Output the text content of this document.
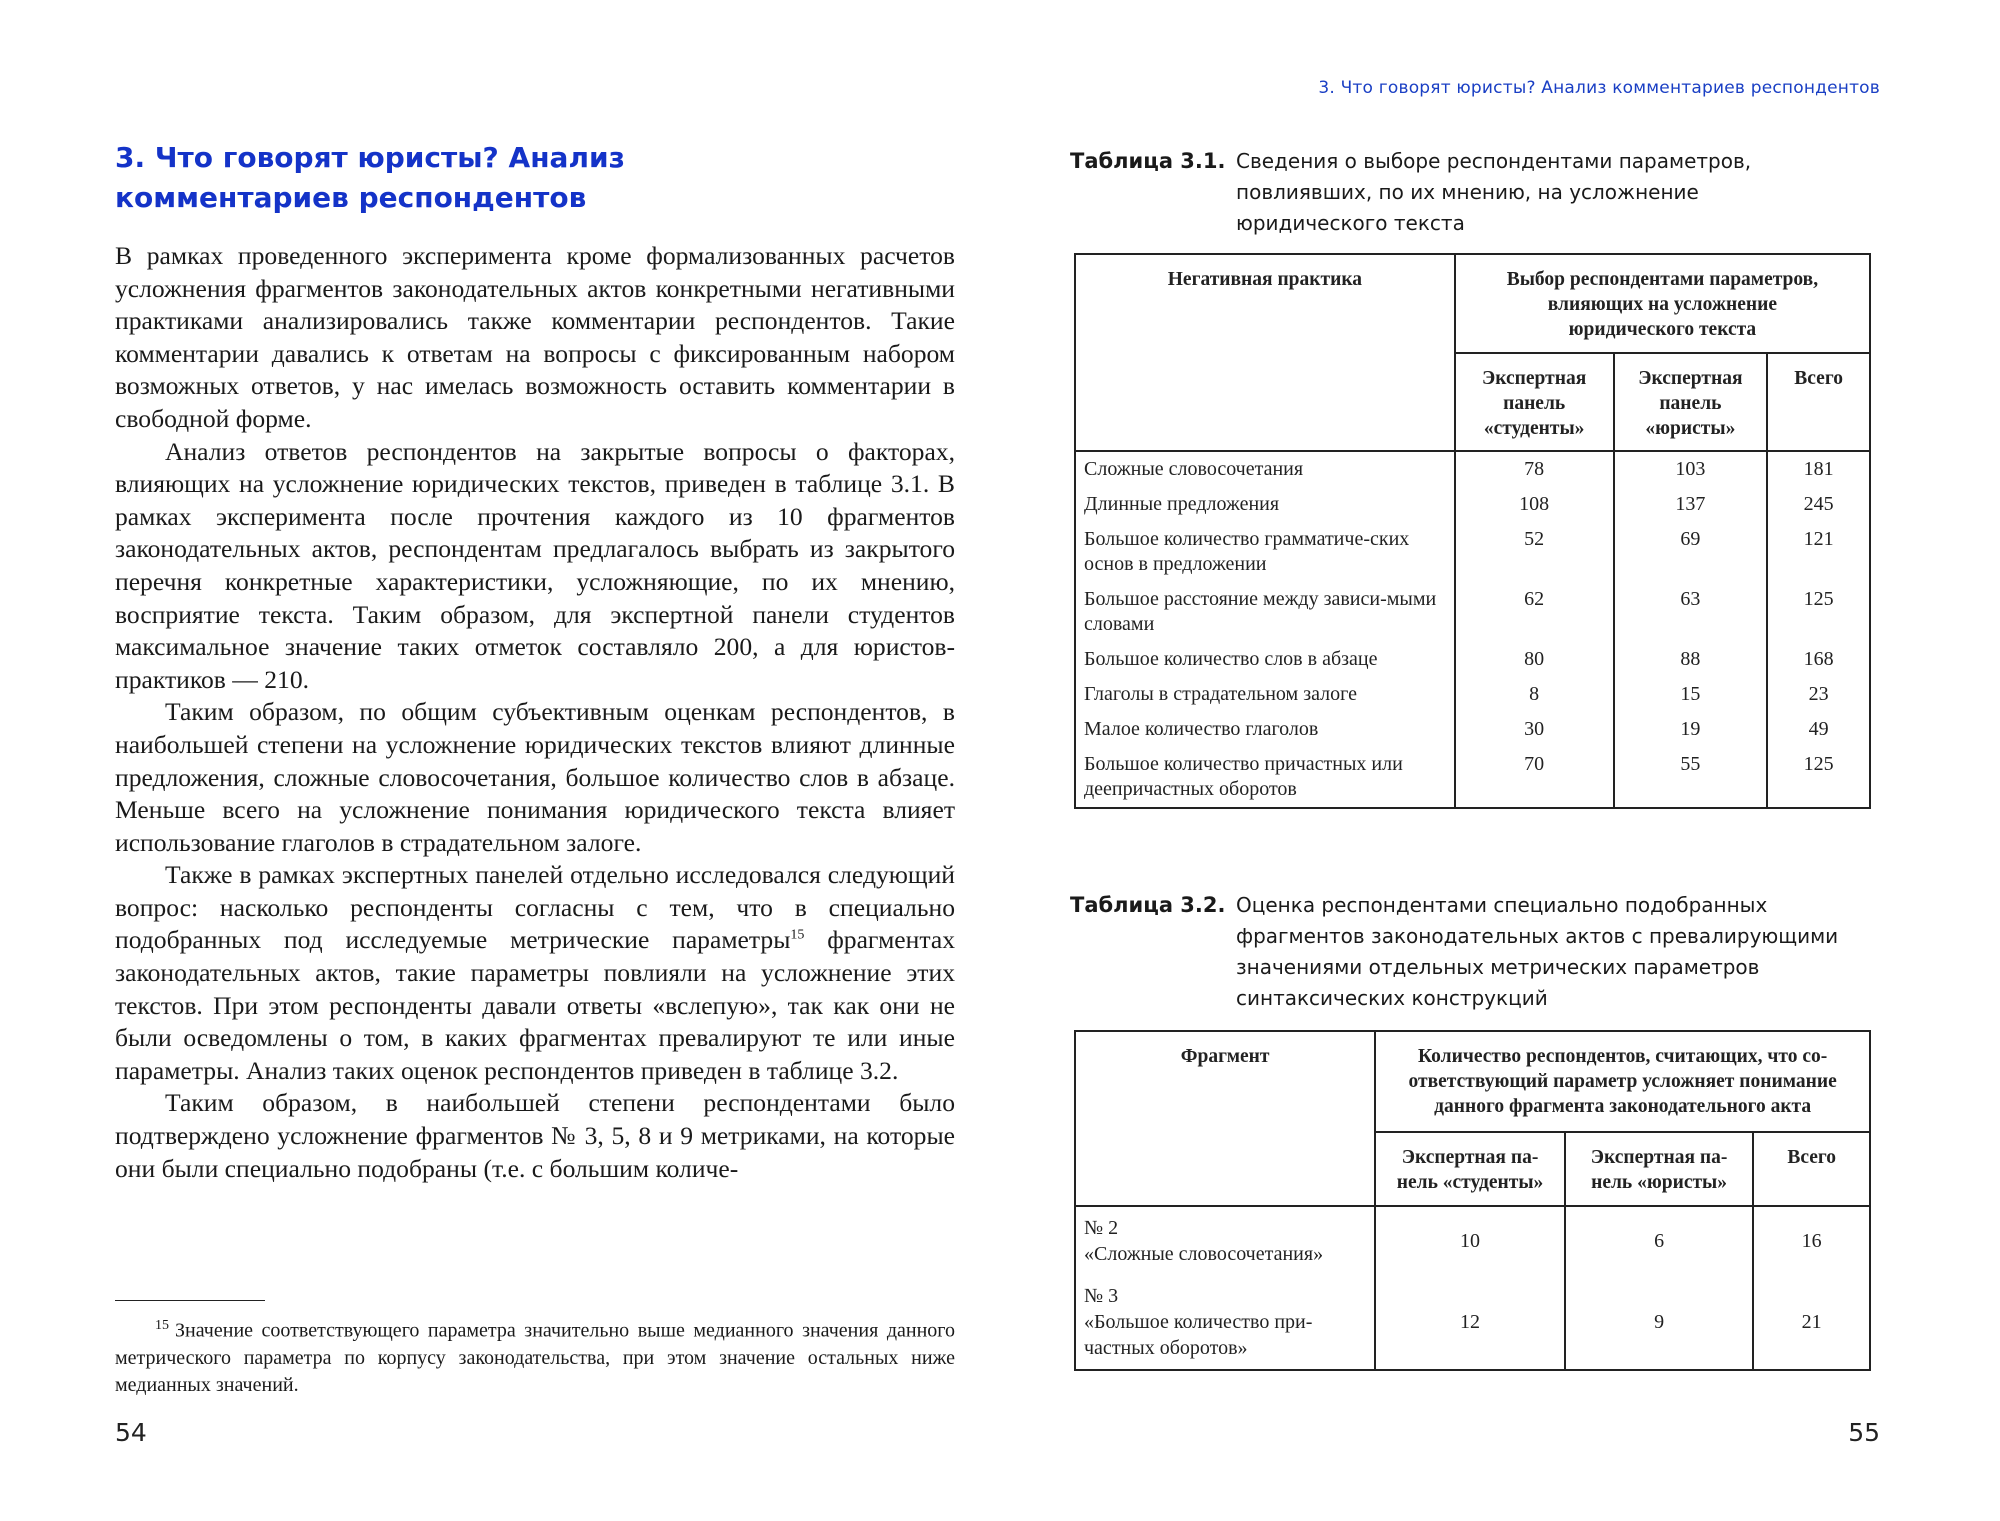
3. Что говорят юристы? Анализ
комментариев респондентов

В рамках проведенного эксперимента кроме формализованных расчетов усложнения фрагментов законодательных актов конкретными негативными практиками анализировались также комментарии респондентов. Такие комментарии давались к ответам на вопросы с фиксированным набором возможных ответов, у нас имелась возможность оставить комментарии в свободной форме.

Анализ ответов респондентов на закрытые вопросы о факторах, влияющих на усложнение юридических текстов, приведен в таблице 3.1. В рамках эксперимента после прочтения каждого из 10 фрагментов законодательных актов, респондентам предлагалось выбрать из закрытого перечня конкретные характеристики, усложняющие, по их мнению, восприятие текста. Таким образом, для экспертной панели студентов максимальное значение таких отметок составляло 200, а для юристов-практиков — 210.

Таким образом, по общим субъективным оценкам респондентов, в наибольшей степени на усложнение юридических текстов влияют длинные предложения, сложные словосочетания, большое количество слов в абзаце. Меньше всего на усложнение понимания юридического текста влияет использование глаголов в страдательном залоге.

Также в рамках экспертных панелей отдельно исследовался следующий вопрос: насколько респонденты согласны с тем, что в специально подобранных под исследуемые метрические параметры$^{15}$ фрагментах законодательных актов, такие параметры повлияли на усложнение этих текстов. При этом респонденты давали ответы «вслепую», так как они не были осведомлены о том, в каких фрагментах превалируют те или иные параметры. Анализ таких оценок респондентов приведен в таблице 3.2.

Таким образом, в наибольшей степени респондентами было подтверждено усложнение фрагментов № 3, 5, 8 и 9 метриками, на которые они были специально подобраны (т.е. с большим количе-

$^{15}$ Значение соответствующего параметра значительно выше медианного значения данного метрического параметра по корпусу законодательства, при этом значение остальных ниже медианных значений.

54
3. Что говорят юристы? Анализ комментариев респондентов
Таблица 3.1. Сведения о выборе респондентами параметров,
повлиявших, по их мнению, на усложнение
юридического текста
Негативная практика	Выбор респондентами параметров,
влияющих на усложнение
юридического текста		
	Экспертная
панель
«студенты»	Экспертная
панель
«юристы»	Всего
Сложные словосочетания	78	103	181
Длинные предложения	108	137	245
Большое количество грамматиче-ских основ в предложении	52	69	121
Большое расстояние между зависи-мыми словами	62	63	125
Большое количество слов в абзаце	80	88	168
Глаголы в страдательном залоге	8	15	23
Малое количество глаголов	30	19	49
Большое количество причастных или деепричастных оборотов	70	55	125
Таблица 3.2. Оценка респондентами специально подобранных
фрагментов законодательных актов с превалирующими
значениями отдельных метрических параметров
синтаксических конструкций
Фрагмент	Количество респондентов, считающих, что со-
ответствующий параметр усложняет понимание
данного фрагмента законодательного акта		
	Экспертная па-
нель «студенты»	Экспертная па-
нель «юристы»	Всего
№ 2
«Сложные словосочетания»	10	6	16
№ 3
«Большое количество при-частных оборотов»	12	9	21
55
